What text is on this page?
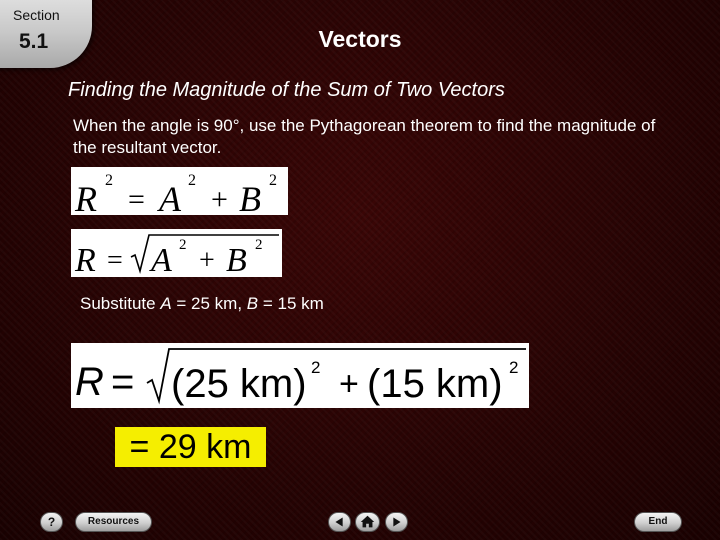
Section
5.1	Vectors
Finding the Magnitude of the Sum of Two Vectors
When the angle is 90°, use the Pythagorean theorem to find the magnitude of the resultant vector.
R 2
= A 2
+ B 2
R = A 2 + B 2
Substitute A = 25 km, B = 15 km
R = (25 km) 2 + (15 km) 2
= 29 km
?	Resources	End
